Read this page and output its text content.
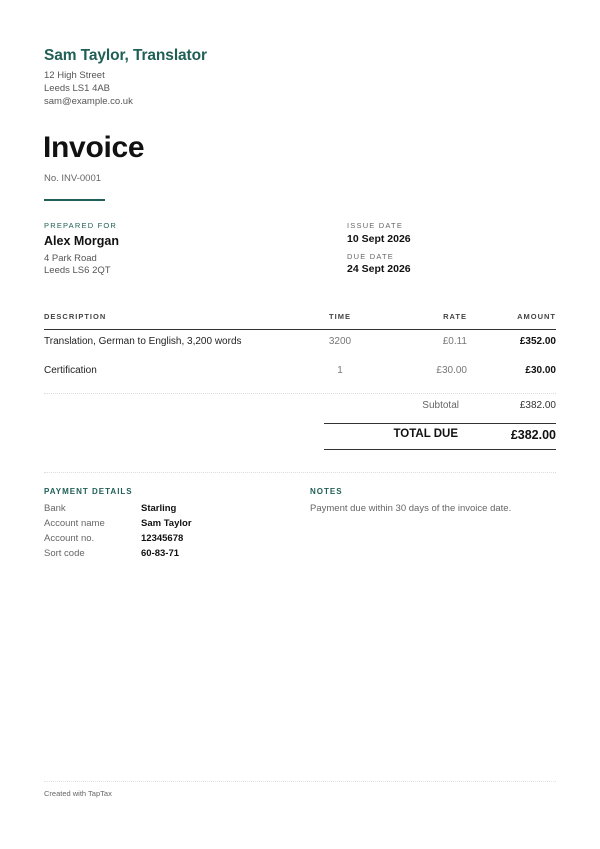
Sam Taylor, Translator
12 High Street
Leeds LS1 4AB
sam@example.co.uk
Invoice
No. INV-0001
PREPARED FOR
Alex Morgan
4 Park Road
Leeds LS6 2QT
ISSUE DATE
10 Sept 2026
DUE DATE
24 Sept 2026
DESCRIPTION	TIME	RATE	AMOUNT
Translation, German to English, 3,200 words	3200	£0.11	£352.00
Certification	1	£30.00	£30.00
Subtotal	£382.00
TOTAL DUE	£382.00
PAYMENT DETAILS
Bank	Starling
Account name	Sam Taylor
Account no.	12345678
Sort code	60-83-71
NOTES
Payment due within 30 days of the invoice date.
Created with TapTax
